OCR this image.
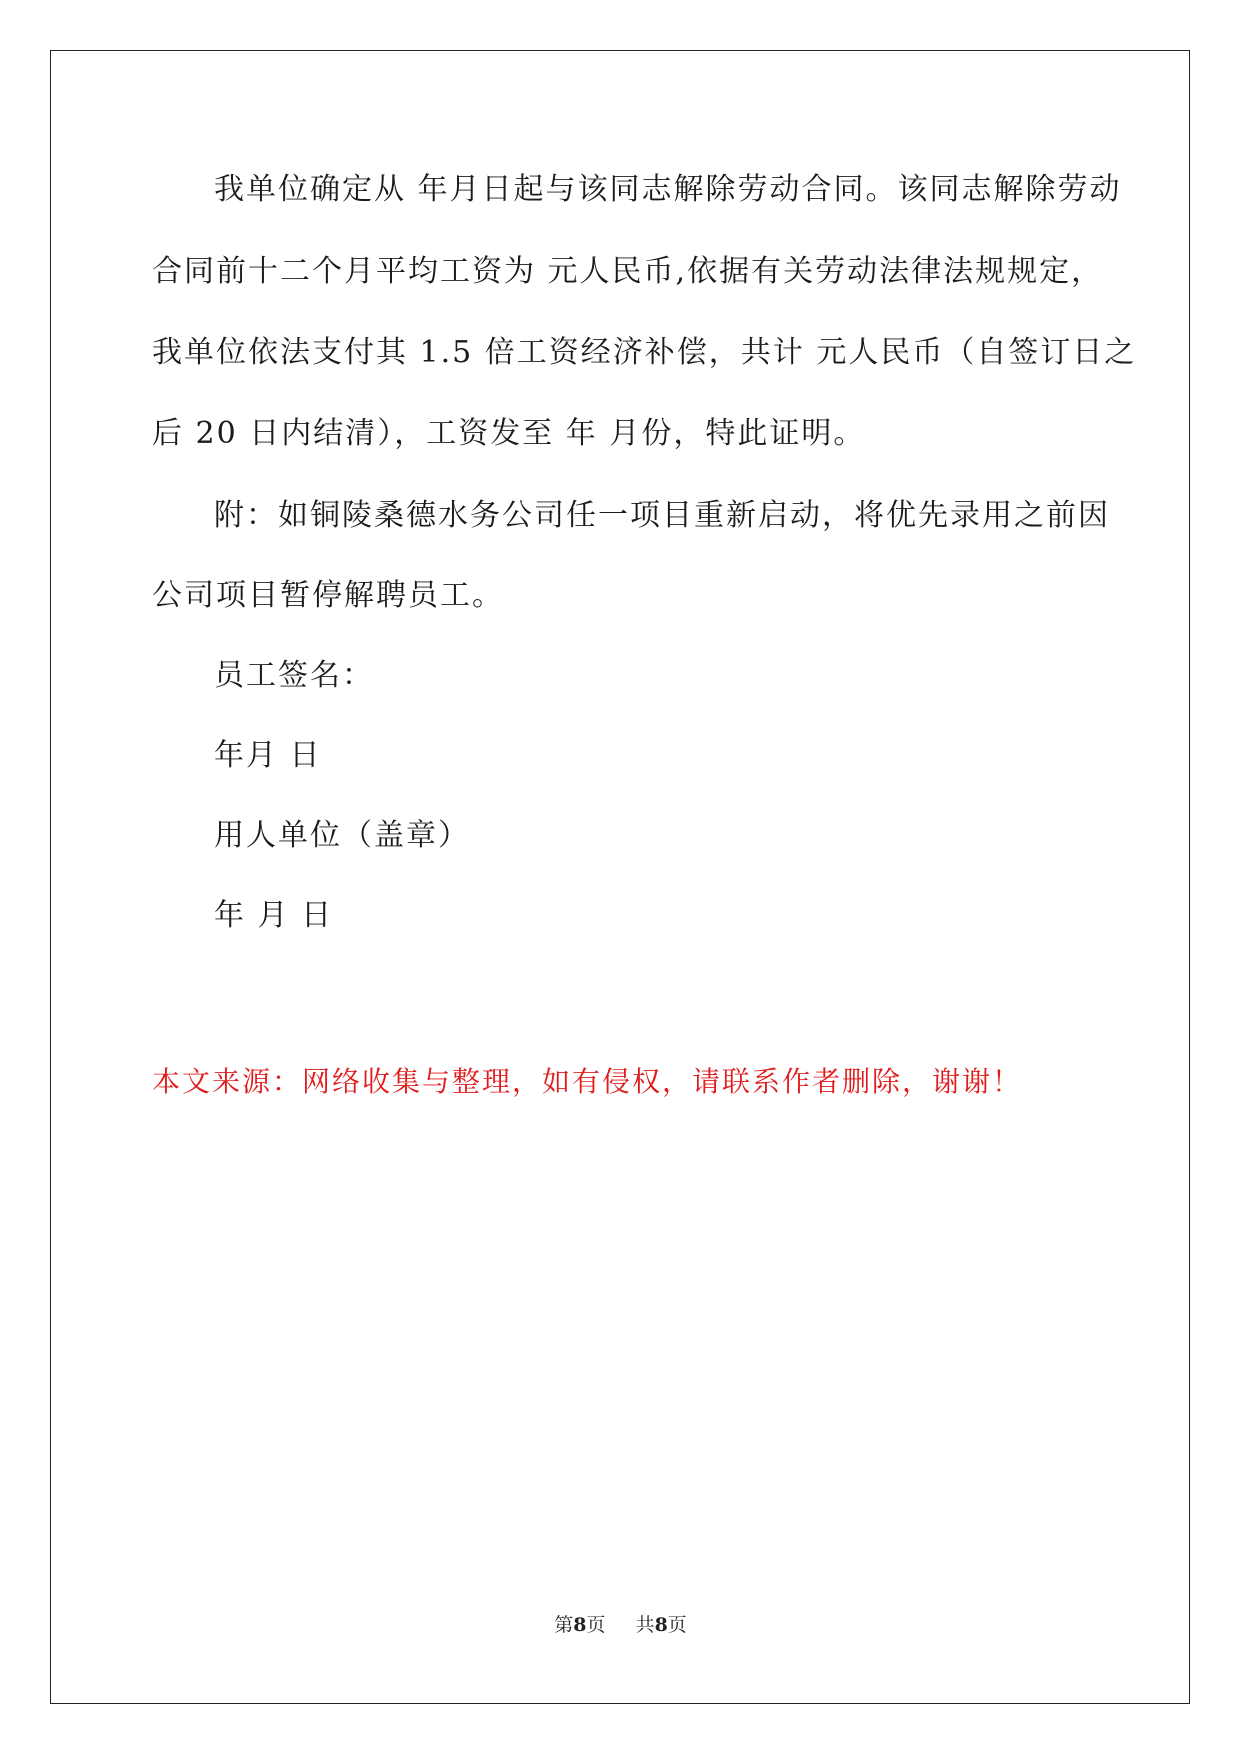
我单位确定从 年月日起与该同志解除劳动合同。该同志解除劳动
合同前十二个月平均工资为 元人民币,依据有关劳动法律法规规定，
我单位依法支付其 1.5 倍工资经济补偿，共计 元人民币（自签订日之
后 20 日内结清），工资发至 年 月份，特此证明。
附：如铜陵桑德水务公司任一项目重新启动，将优先录用之前因
公司项目暂停解聘员工。
员工签名：
年月 日
用人单位（盖章）
年 月 日
本文来源：网络收集与整理，如有侵权，请联系作者删除，谢谢！
第8页 共8页
